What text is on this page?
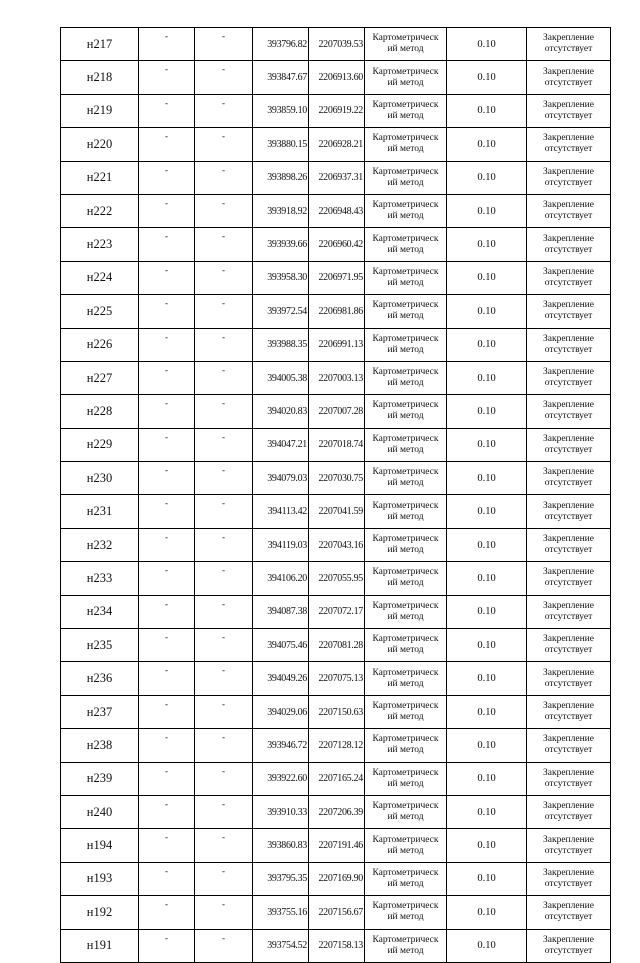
н217	-	-	393796.82	2207039.53	Картометрическ
ий метод	0.10	Закрепление
отсутствует

н218	-	-	393847.67	2206913.60	Картометрическ
ий метод	0.10	Закрепление
отсутствует

н219	-	-	393859.10	2206919.22	Картометрическ
ий метод	0.10	Закрепление
отсутствует

н220	-	-	393880.15	2206928.21	Картометрическ
ий метод	0.10	Закрепление
отсутствует

н221	-	-	393898.26	2206937.31	Картометрическ
ий метод	0.10	Закрепление
отсутствует

н222	-	-	393918.92	2206948.43	Картометрическ
ий метод	0.10	Закрепление
отсутствует

н223	-	-	393939.66	2206960.42	Картометрическ
ий метод	0.10	Закрепление
отсутствует

н224	-	-	393958.30	2206971.95	Картометрическ
ий метод	0.10	Закрепление
отсутствует

н225	-	-	393972.54	2206981.86	Картометрическ
ий метод	0.10	Закрепление
отсутствует

н226	-	-	393988.35	2206991.13	Картометрическ
ий метод	0.10	Закрепление
отсутствует

н227	-	-	394005.38	2207003.13	Картометрическ
ий метод	0.10	Закрепление
отсутствует

н228	-	-	394020.83	2207007.28	Картометрическ
ий метод	0.10	Закрепление
отсутствует

н229	-	-	394047.21	2207018.74	Картометрическ
ий метод	0.10	Закрепление
отсутствует

н230	-	-	394079.03	2207030.75	Картометрическ
ий метод	0.10	Закрепление
отсутствует

н231	-	-	394113.42	2207041.59	Картометрическ
ий метод	0.10	Закрепление
отсутствует

н232	-	-	394119.03	2207043.16	Картометрическ
ий метод	0.10	Закрепление
отсутствует

н233	-	-	394106.20	2207055.95	Картометрическ
ий метод	0.10	Закрепление
отсутствует

н234	-	-	394087.38	2207072.17	Картометрическ
ий метод	0.10	Закрепление
отсутствует

н235	-	-	394075.46	2207081.28	Картометрическ
ий метод	0.10	Закрепление
отсутствует

н236	-	-	394049.26	2207075.13	Картометрическ
ий метод	0.10	Закрепление
отсутствует

н237	-	-	394029.06	2207150.63	Картометрическ
ий метод	0.10	Закрепление
отсутствует

н238	-	-	393946.72	2207128.12	Картометрическ
ий метод	0.10	Закрепление
отсутствует

н239	-	-	393922.60	2207165.24	Картометрическ
ий метод	0.10	Закрепление
отсутствует

н240	-	-	393910.33	2207206.39	Картометрическ
ий метод	0.10	Закрепление
отсутствует

н194	-	-	393860.83	2207191.46	Картометрическ
ий метод	0.10	Закрепление
отсутствует

н193	-	-	393795.35	2207169.90	Картометрическ
ий метод	0.10	Закрепление
отсутствует

н192	-	-	393755.16	2207156.67	Картометрическ
ий метод	0.10	Закрепление
отсутствует

н191	-	-	393754.52	2207158.13	Картометрическ
ий метод	0.10	Закрепление
отсутствует
